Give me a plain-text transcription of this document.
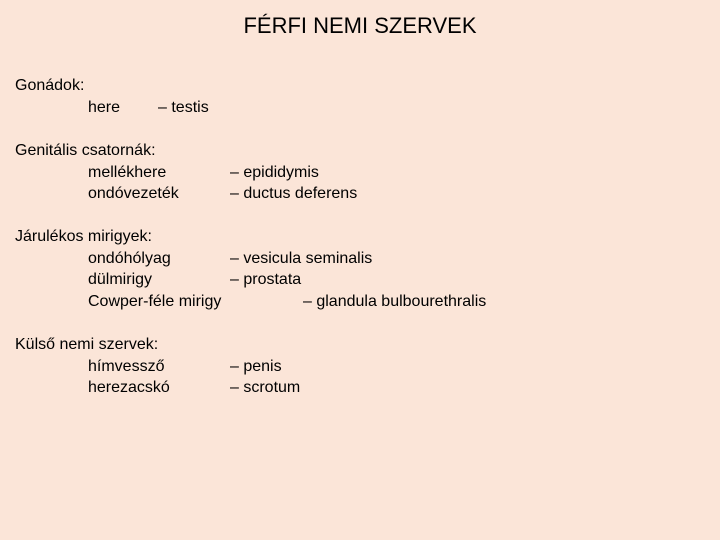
FÉRFI NEMI SZERVEK
Gonádok:
here – testis
Genitális csatornák:
mellékhere	– epididymis
ondóvezeték	– ductus deferens
Járulékos mirigyek:
ondóhólyag	– vesicula seminalis
dülmirigy	– prostata
Cowper-féle mirigy	– glandula bulbourethralis
Külső nemi szervek:
hímvessző	– penis
herezacskó	– scrotum
